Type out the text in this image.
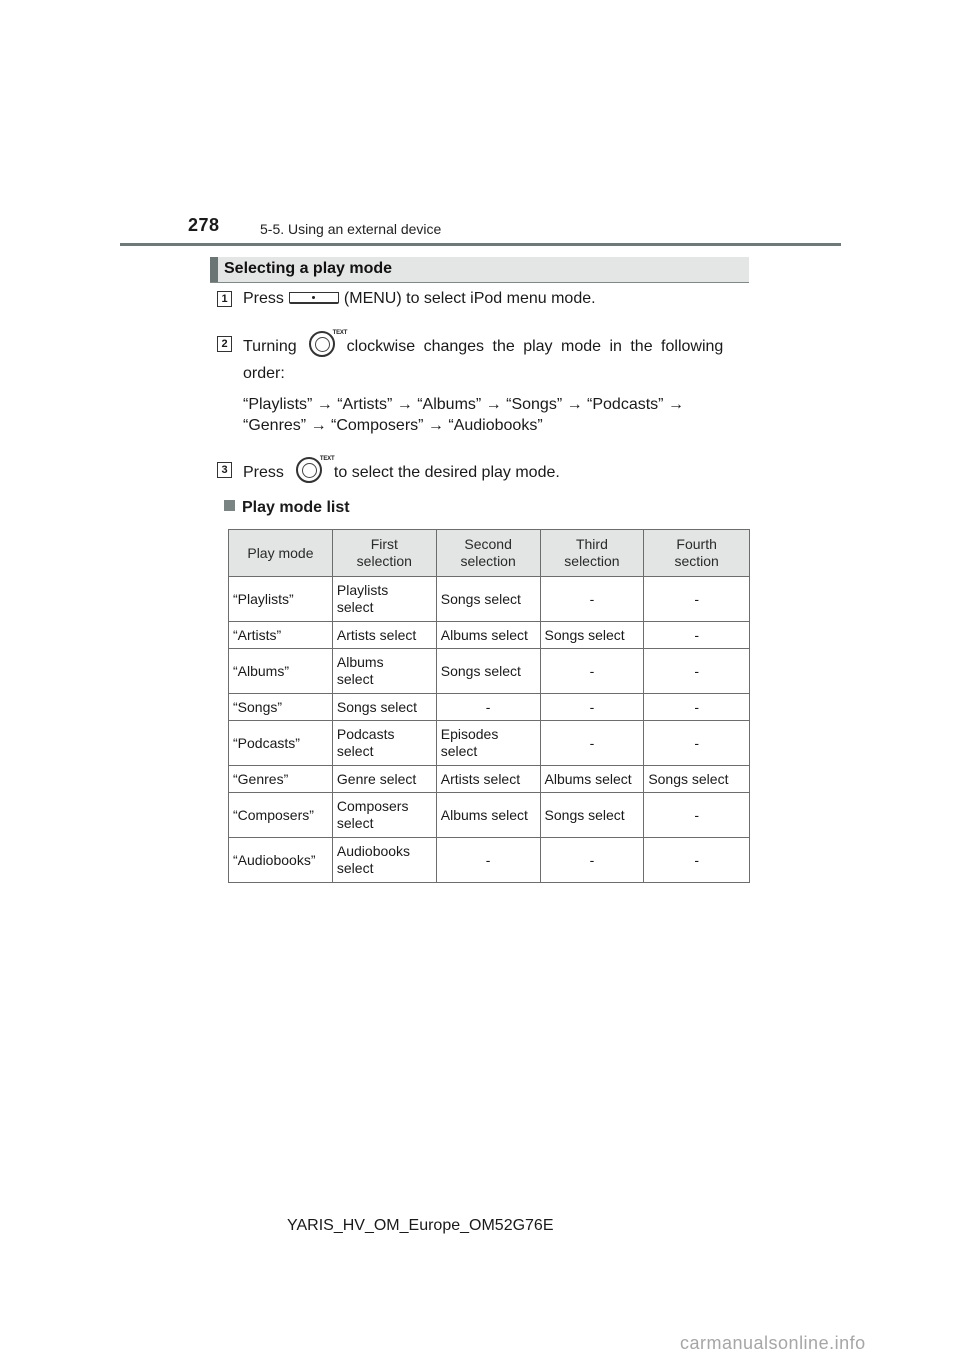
278	5-5. Using an external device
Selecting a play mode
1 Press	(MENU) to select iPod menu mode.
2 Turning
TEXT
clockwise changes the play mode in the following
order:
“Playlists” → “Artists” → “Albums” → “Songs” → “Podcasts” →
“Genres” → “Composers” → “Audiobooks”
3 Press
TEXT
to select the desired play mode.
Play mode list
Play mode	First selection	Second selection	Third selection	Fourth section
“Playlists”	Playlists select	Songs select	-	-
“Artists”	Artists select	Albums select	Songs select	-
“Albums”	Albums select	Songs select	-	-
“Songs”	Songs select	-	-	-
“Podcasts”	Podcasts select	Episodes select	-	-
“Genres”	Genre select	Artists select	Albums select	Songs select
“Composers”	Composers select	Albums select	Songs select	-
“Audiobooks”	Audiobooks select	-	-	-
YARIS_HV_OM_Europe_OM52G76E
carmanualsonline.info
